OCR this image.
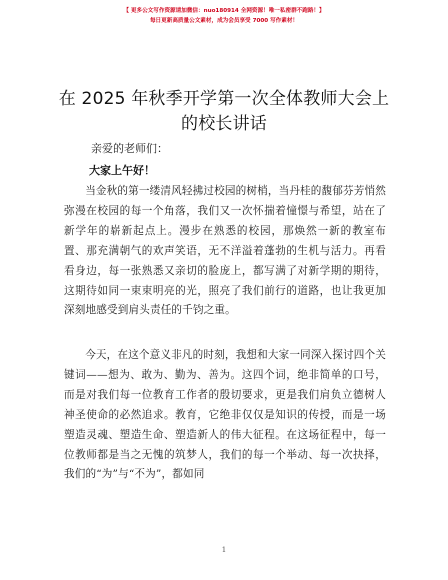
【 更多公文写作资源请加微信：nuo180914 全网资源！唯一私密群不跑路！】
每日更新高质量公文素材，成为会员享受 7000 写作素材！
在 2025 年秋季开学第一次全体教师大会上的校长讲话
亲爱的老师们：
大家上午好！
当金秋的第一缕清风轻拂过校园的树梢，当丹桂的馥郁芬芳悄然弥漫在校园的每一个角落，我们又一次怀揣着憧憬与希望，站在了新学年的崭新起点上。漫步在熟悉的校园，那焕然一新的教室布置、那充满朝气的欢声笑语，无不洋溢着蓬勃的生机与活力。再看看身边，每一张熟悉又亲切的脸庞上，都写满了对新学期的期待，这期待如同一束束明亮的光，照亮了我们前行的道路，也让我更加深刻地感受到肩头责任的千钧之重。
今天，在这个意义非凡的时刻，我想和大家一同深入探讨四个关键词——想为、敢为、勤为、善为。这四个词，绝非简单的口号，而是对我们每一位教育工作者的殷切要求，更是我们肩负立德树人神圣使命的必然追求。教育，它绝非仅仅是知识的传授，而是一场塑造灵魂、塑造生命、塑造新人的伟大征程。在这场征程中，每一位教师都是当之无愧的筑梦人，我们的每一个举动、每一次抉择，我们的“为”与“不为”，都如同
1
